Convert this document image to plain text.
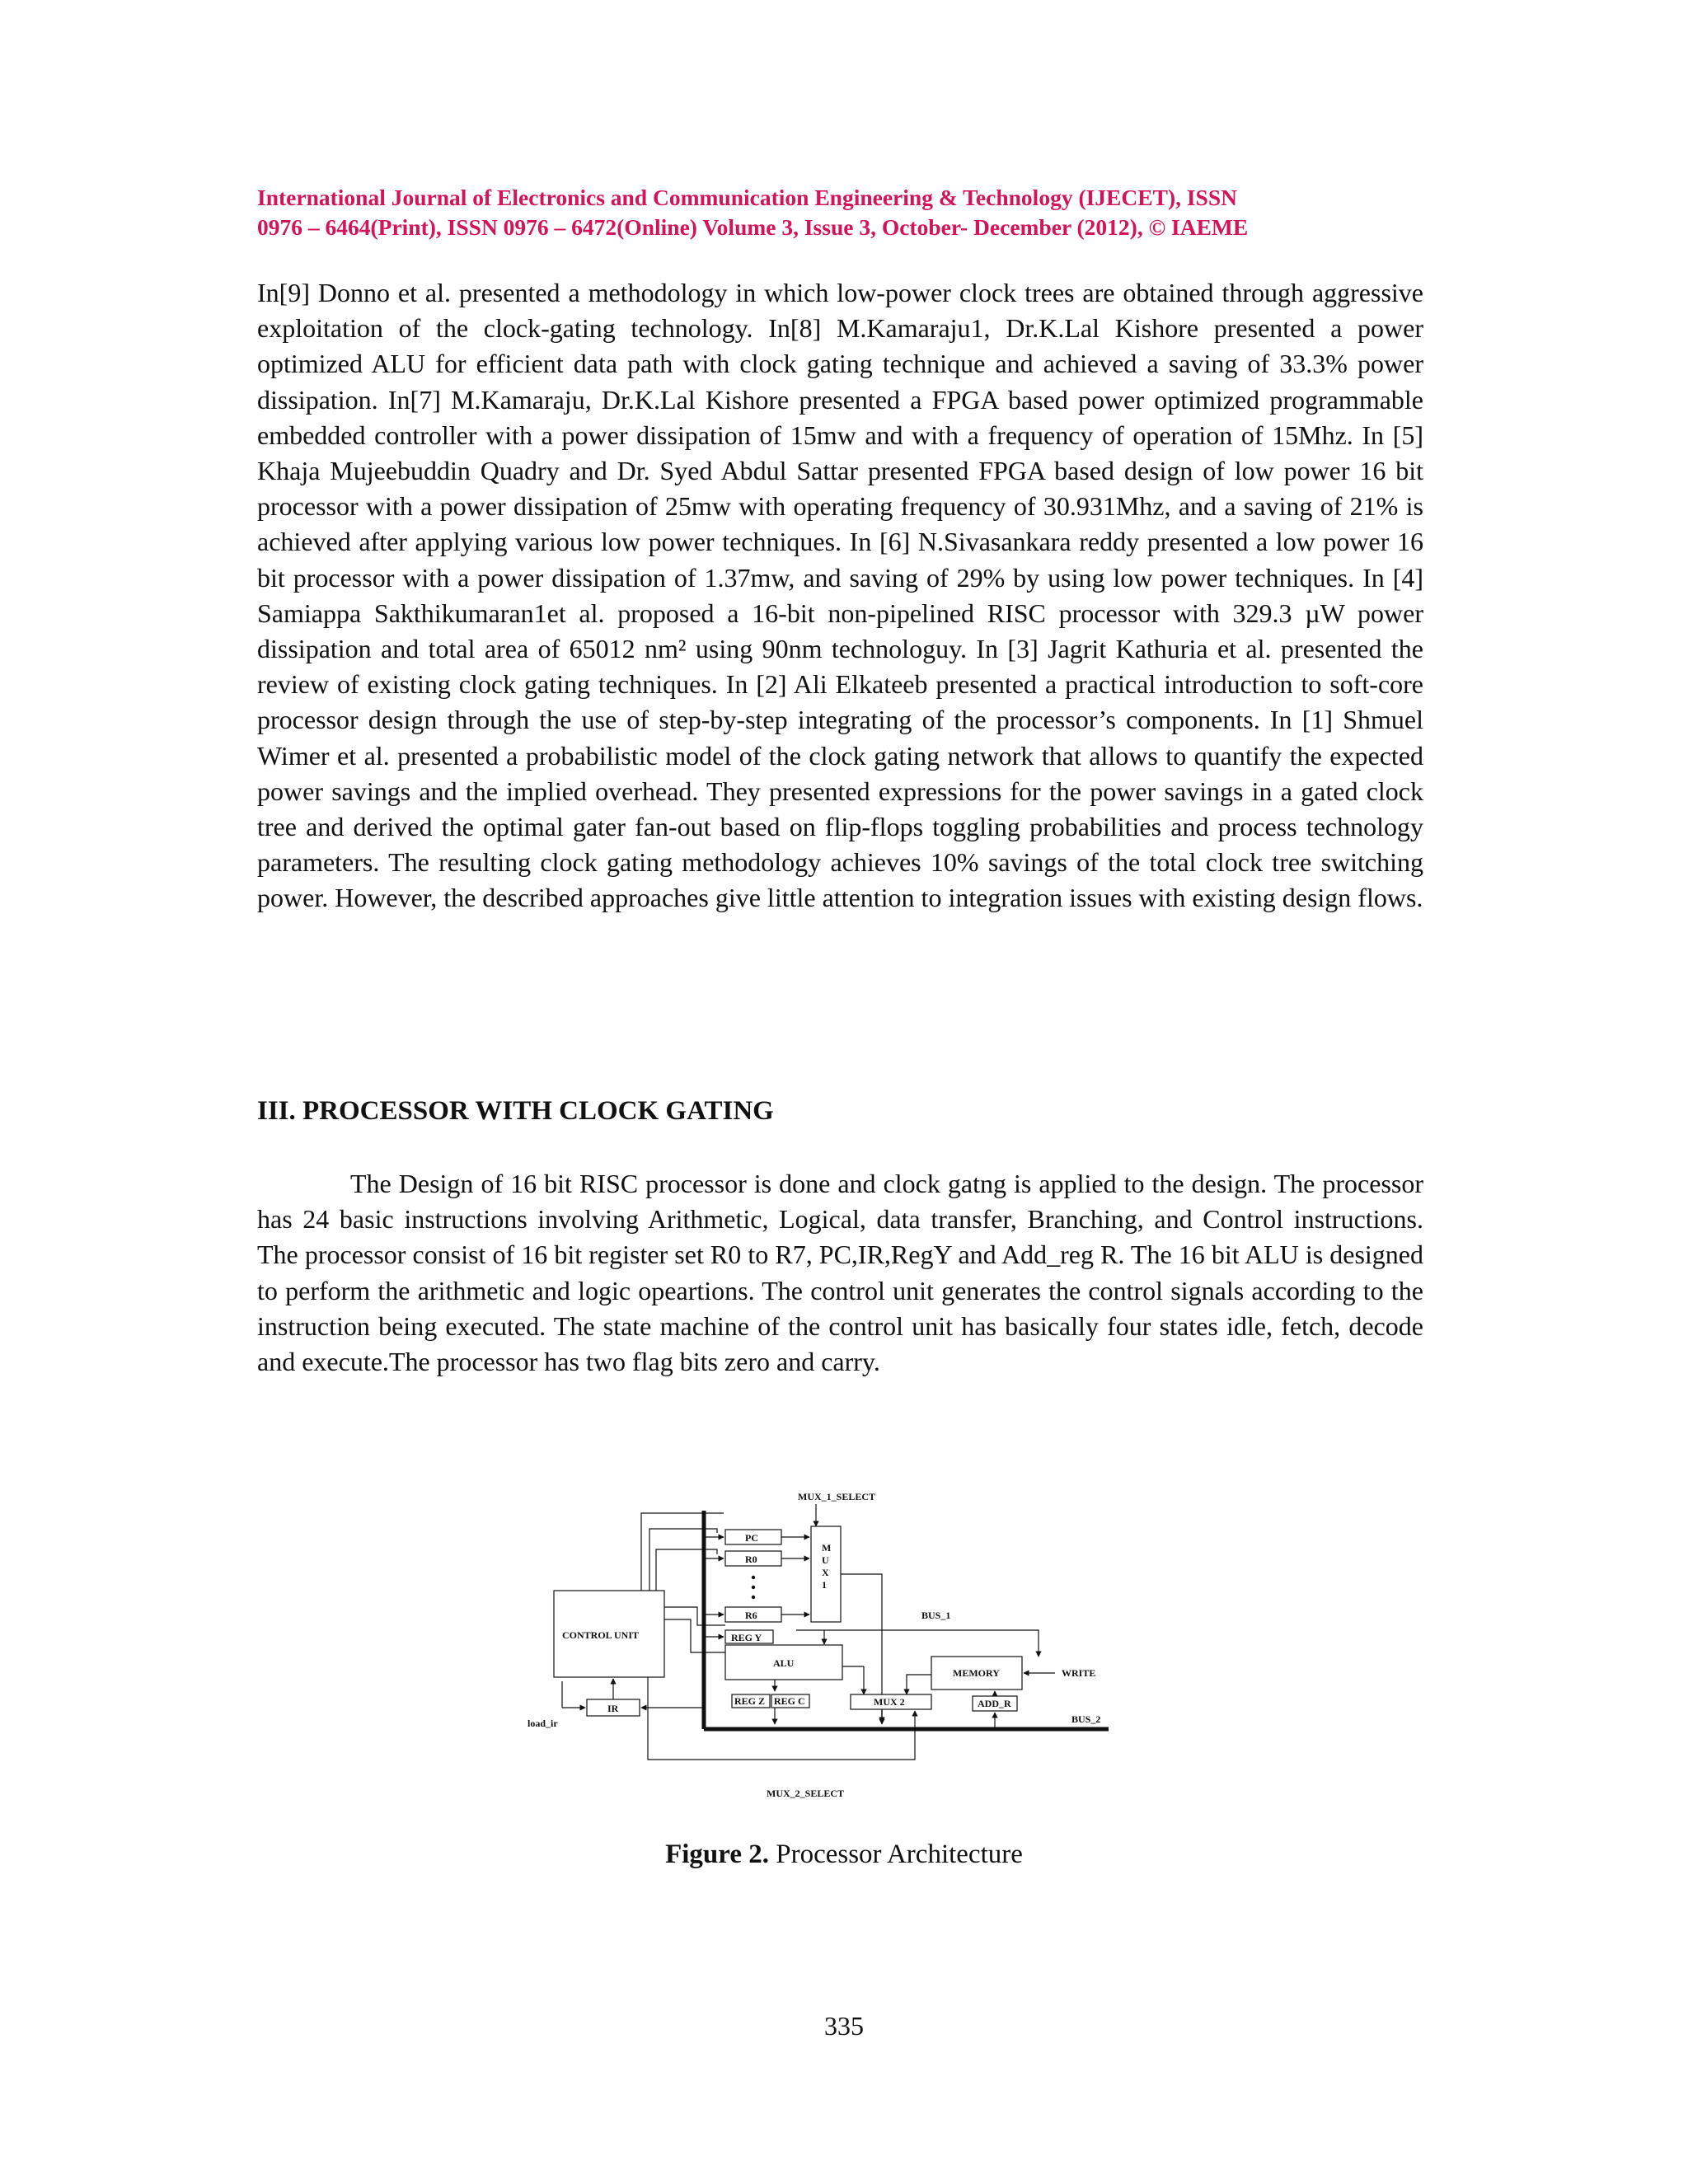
International Journal of Electronics and Communication Engineering & Technology (IJECET), ISSN
0976 – 6464(Print), ISSN 0976 – 6472(Online) Volume 3, Issue 3, October- December (2012), © IAEME

In[9] Donno et al. presented a methodology in which low-power clock trees are obtained through aggressive exploitation of the clock-gating technology. In[8] M.Kamaraju1, Dr.K.Lal Kishore presented a power optimized ALU for efficient data path with clock gating technique and achieved a saving of 33.3% power dissipation. In[7] M.Kamaraju, Dr.K.Lal Kishore presented a FPGA based power optimized programmable embedded controller with a power dissipation of 15mw and with a frequency of operation of 15Mhz. In [5] Khaja Mujeebuddin Quadry and Dr. Syed Abdul Sattar presented FPGA based design of low power 16 bit processor with a power dissipation of 25mw with operating frequency of 30.931Mhz, and a saving of 21% is achieved after applying various low power techniques. In [6] N.Sivasankara reddy presented a low power 16 bit processor with a power dissipation of 1.37mw, and saving of 29% by using low power techniques. In [4] Samiappa Sakthikumaran1et al. proposed a 16-bit non-pipelined RISC processor with 329.3 µW power dissipation and total area of 65012 nm² using 90nm technologuy. In [3] Jagrit Kathuria et al. presented the review of existing clock gating techniques. In [2] Ali Elkateeb presented a practical introduction to soft-core processor design through the use of step-by-step integrating of the processor’s components. In [1] Shmuel Wimer et al. presented a probabilistic model of the clock gating network that allows to quantify the expected power savings and the implied overhead. They presented expressions for the power savings in a gated clock tree and derived the optimal gater fan-out based on flip-flops toggling probabilities and process technology parameters. The resulting clock gating methodology achieves 10% savings of the total clock tree switching power. However, the described approaches give little attention to integration issues with existing design flows.

III. PROCESSOR WITH CLOCK GATING

The Design of 16 bit RISC processor is done and clock gatng is applied to the design. The processor has 24 basic instructions involving Arithmetic, Logical, data transfer, Branching, and Control instructions. The processor consist of 16 bit register set R0 to R7, PC,IR,RegY and Add_reg R. The 16 bit ALU is designed to perform the arithmetic and logic opeartions. The control unit generates the control signals according to the instruction being executed. The state machine of the control unit has basically four states idle, fetch, decode and execute.The processor has two flag bits zero and carry.

MUX_1_SELECT
PC
R0
R6
REG Y
M
U
X
1
BUS_1
CONTROL UNIT
ALU
REG Z REG C	MUX 2
MEMORY	WRITE
ADD_R
BUS_2
IR
load_ir
MUX_2_SELECT
Figure 2. Processor Architecture
335
